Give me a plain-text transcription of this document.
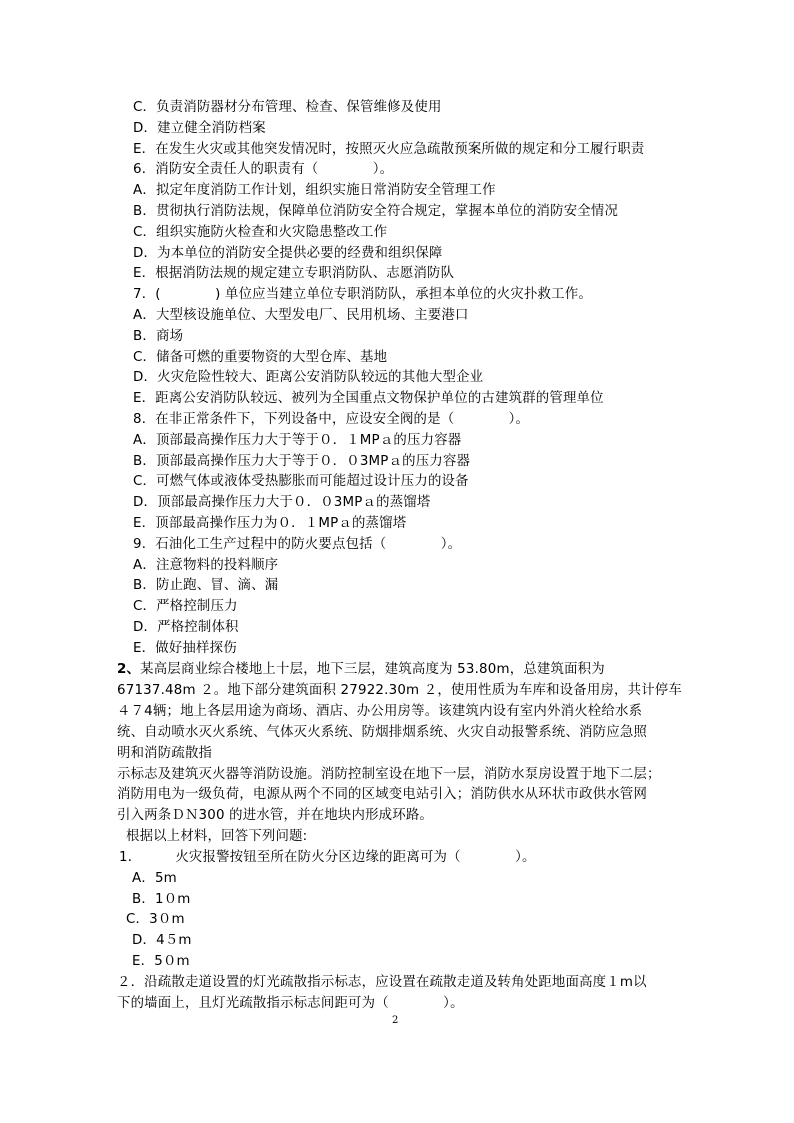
C．负责消防器材分布管理、检查、保管维修及使用
D．建立健全消防档案
E．在发生火灾或其他突发情况时，按照灭火应急疏散预案所做的规定和分工履行职责
6．消防安全责任人的职责有（　　　　）。
A．拟定年度消防工作计划，组织实施日常消防安全管理工作
B．贯彻执行消防法规，保障单位消防安全符合规定，掌握本单位的消防安全情况
C．组织实施防火检查和火灾隐患整改工作
D．为本单位的消防安全提供必要的经费和组织保障
E．根据消防法规的规定建立专职消防队、志愿消防队
7．(　　　　) 单位应当建立单位专职消防队，承担本单位的火灾扑救工作。
A．大型核设施单位、大型发电厂、民用机场、主要港口
B．商场
C．储备可燃的重要物资的大型仓库、基地
D．火灾危险性较大、距离公安消防队较远的其他大型企业
E．距离公安消防队较远、被列为全国重点文物保护单位的古建筑群的管理单位
8．在非正常条件下，下列设备中，应设安全阀的是（　　　　）。
A．顶部最高操作压力大于等于０．１MPａ的压力容器
B．顶部最高操作压力大于等于０．０3MPａ的压力容器
C．可燃气体或液体受热膨胀而可能超过设计压力的设备
D．顶部最高操作压力大于０．０3MPａ的蒸馏塔
E．顶部最高操作压力为０．１MPａ的蒸馏塔
9．石油化工生产过程中的防火要点包括（　　　　）。
A．注意物料的投料顺序
B．防止跑、冒、滴、漏
C．严格控制压力
D．严格控制体积
E．做好抽样探伤
2、某高层商业综合楼地上十层，地下三层，建筑高度为 53.80m，总建筑面积为
67137.48m ２。地下部分建筑面积 27922.30m ２，使用性质为车库和设备用房，共计停车
４７4辆；地上各层用途为商场、酒店、办公用房等。该建筑内设有室内外消火栓给水系
统、自动喷水灭火系统、气体灭火系统、防烟排烟系统、火灾自动报警系统、消防应急照
明和消防疏散指
示标志及建筑灭火器等消防设施。消防控制室设在地下一层，消防水泵房设置于地下二层；
消防用电为一级负荷，电源从两个不同的区域变电站引入；消防供水从环状市政供水管网
引入两条ＤＮ300 的进水管，并在地块内形成环路。
根据以上材料，回答下列问题:
1．	火灾报警按钮至所在防火分区边缘的距离可为（　　　　）。
A．5m
B．1０m
C．3０m
D．4５m
E．5０m
２．沿疏散走道设置的灯光疏散指示标志，应设置在疏散走道及转角处距地面高度１m以
下的墙面上，且灯光疏散指示标志间距可为（　　　　）。
2
